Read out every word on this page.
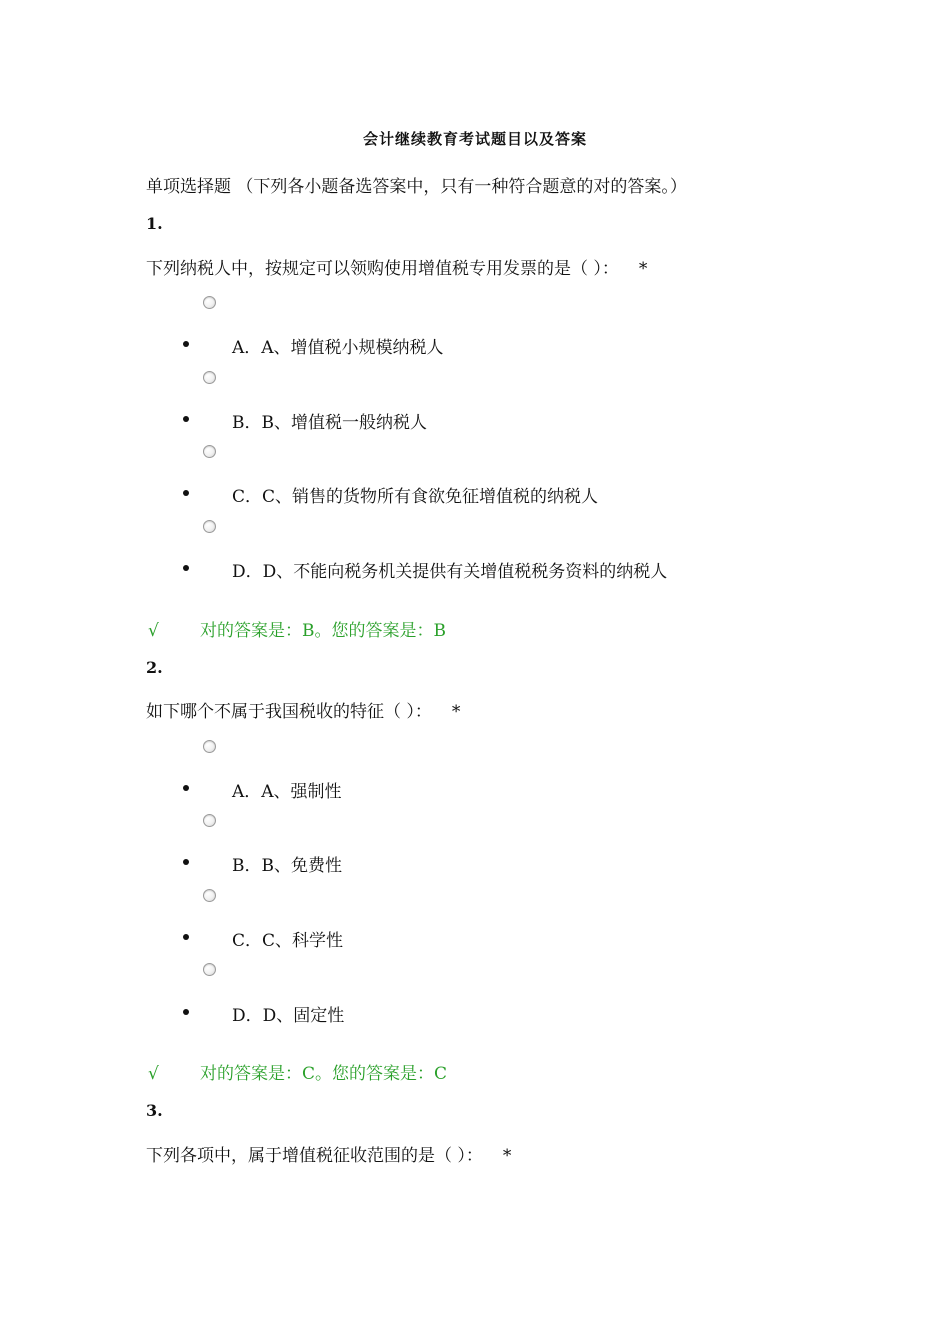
会计继续教育考试题目以及答案
单项选择题 （下列各小题备选答案中，只有一种符合题意的对的答案。）
1.
下列纳税人中，按规定可以领购使用增值税专用发票的是（ ）： *
A．A、增值税小规模纳税人
B．B、增值税一般纳税人
C．C、销售的货物所有食欲免征增值税的纳税人
D．D、不能向税务机关提供有关增值税税务资料的纳税人
√ 对的答案是：B。您的答案是：B
2.
如下哪个不属于我国税收的特征（ ）： *
A．A、强制性
B．B、免费性
C．C、科学性
D．D、固定性
√ 对的答案是：C。您的答案是：C
3.
下列各项中，属于增值税征收范围的是（ ）： *
